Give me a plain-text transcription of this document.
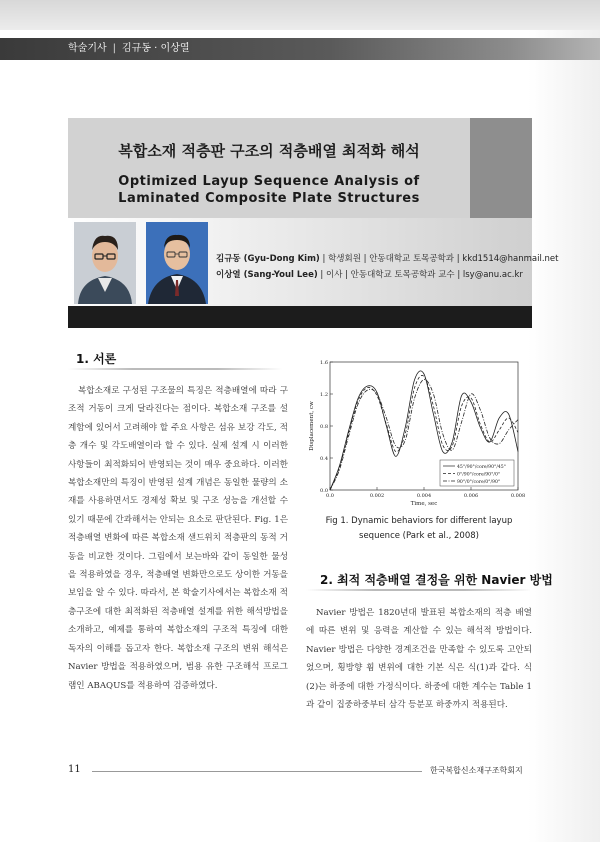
학술기사 | 김규동 · 이상열
복합소재 적층판 구조의 적층배열 최적화 해석
Optimized Layup Sequence Analysis of
Laminated Composite Plate Structures
김규동 (Gyu-Dong Kim) | 학생회원 | 안동대학교 토목공학과 | kkd1514@hanmail.net
이상열 (Sang-Youl Lee) | 이사 | 안동대학교 토목공학과 교수 | lsy@anu.ac.kr
1. 서론

복합소재로 구성된 구조물의 특징은 적층배열에 따라 구조적 거동이 크게 달라진다는 점이다. 복합소재 구조를 설계함에 있어서 고려해야 할 주요 사항은 섬유 보강 각도, 적층 개수 및 각도배열이라 할 수 있다. 실제 설계 시 이러한 사항들이 최적화되어 반영되는 것이 매우 중요하다. 이러한 복합소재만의 특징이 반영된 설계 개념은 동일한 물량의 소재를 사용하면서도 경제성 확보 및 구조 성능을 개선할 수 있기 때문에 간과해서는 안되는 요소로 판단된다. Fig. 1은 적층배열 변화에 따른 복합소재 샌드위치 적층판의 동적 거동을 비교한 것이다. 그림에서 보는바와 같이 동일한 물성을 적용하였을 경우, 적층배열 변화만으로도 상이한 거동을 보임을 알 수 있다. 따라서, 본 학술기사에서는 복합소재 적층구조에 대한 최적화된 적층배열 설계를 위한 해석방법을 소개하고, 예제를 통하여 복합소재의 구조적 특징에 대한 독자의 이해를 돕고자 한다. 복합소재 구조의 변위 해석은 Navier 방법을 적용하였으며, 범용 유한 구조해석 프로그램인 ABAQUS를 적용하여 검증하였다.

0.0	0.002	0.004	0.006	0.008
0.0
0.4
0.8
1.2
1.6
Time, sec
Displacement, cw
45°/90°/core/90°/45°
0°/90°/core/90°/0°
90°/0°/core/0°/90°
Fig 1. Dynamic behaviors for different layup
sequence (Park et al., 2008)
2. 최적 적층배열 결정을 위한 Navier 방법

Navier 방법은 1820년대 발표된 복합소재의 적층 배열에 따른 변위 및 응력을 계산할 수 있는 해석적 방법이다. Navier 방법은 다양한 경계조건을 만족할 수 있도록 고안되었으며, 횡방향 휨 변위에 대한 기본 식은 식(1)과 같다. 식(2)는 하중에 대한 가정식이다. 하중에 대한 계수는 Table 1과 같이 집중하중부터 삼각 등분포 하중까지 적용된다.

11	한국복합신소재구조학회지
